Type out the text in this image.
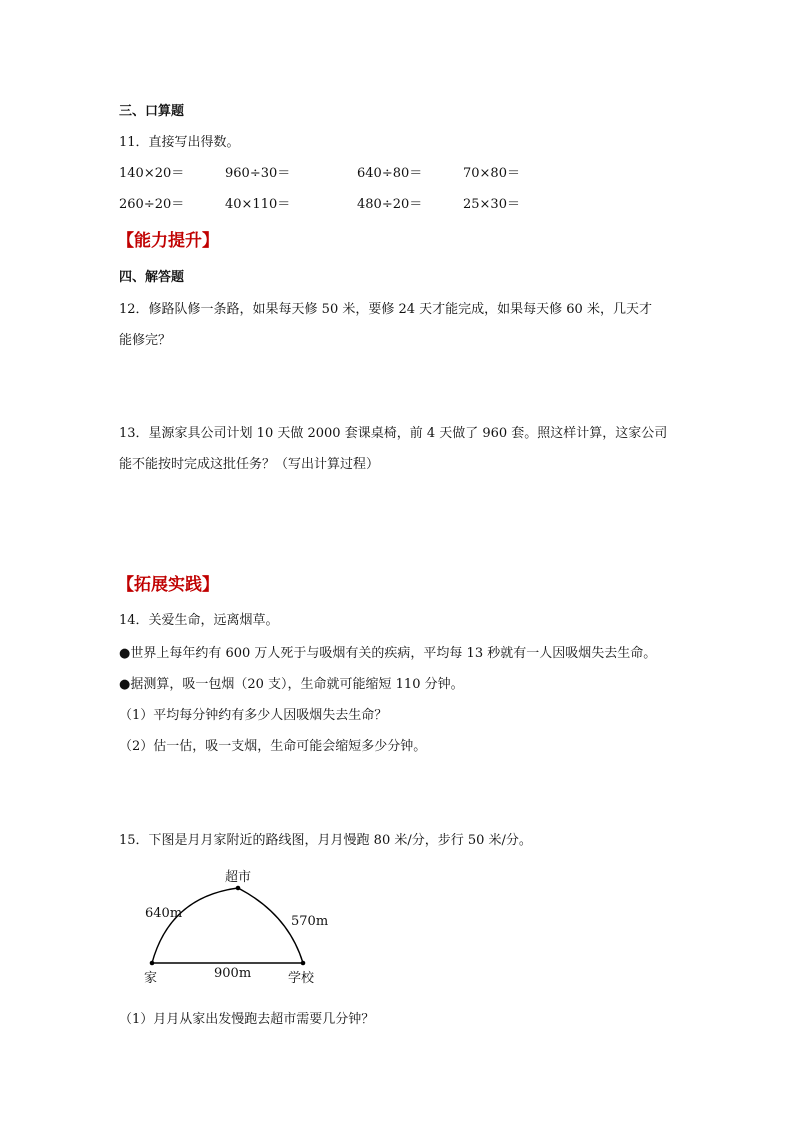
三、口算题

11．直接写出得数。

140×20＝	960÷30＝	640÷80＝	70×80＝
260÷20＝	40×110＝	480÷20＝	25×30＝

【能力提升】

四、解答题

12．修路队修一条路，如果每天修 50 米，要修 24 天才能完成，如果每天修 60 米，几天才

能修完？

13．星源家具公司计划 10 天做 2000 套课桌椅，前 4 天做了 960 套。照这样计算，这家公司

能不能按时完成这批任务？（写出计算过程）

【拓展实践】

14．关爱生命，远离烟草。

●世界上每年约有 600 万人死于与吸烟有关的疾病，平均每 13 秒就有一人因吸烟失去生命。

●据测算，吸一包烟（20 支），生命就可能缩短 110 分钟。

（1）平均每分钟约有多少人因吸烟失去生命？

（2）估一估，吸一支烟，生命可能会缩短多少分钟。

15．下图是月月家附近的路线图，月月慢跑 80 米/分，步行 50 米/分。

超市
家	学校
640m
570m
900m

（1）月月从家出发慢跑去超市需要几分钟？
